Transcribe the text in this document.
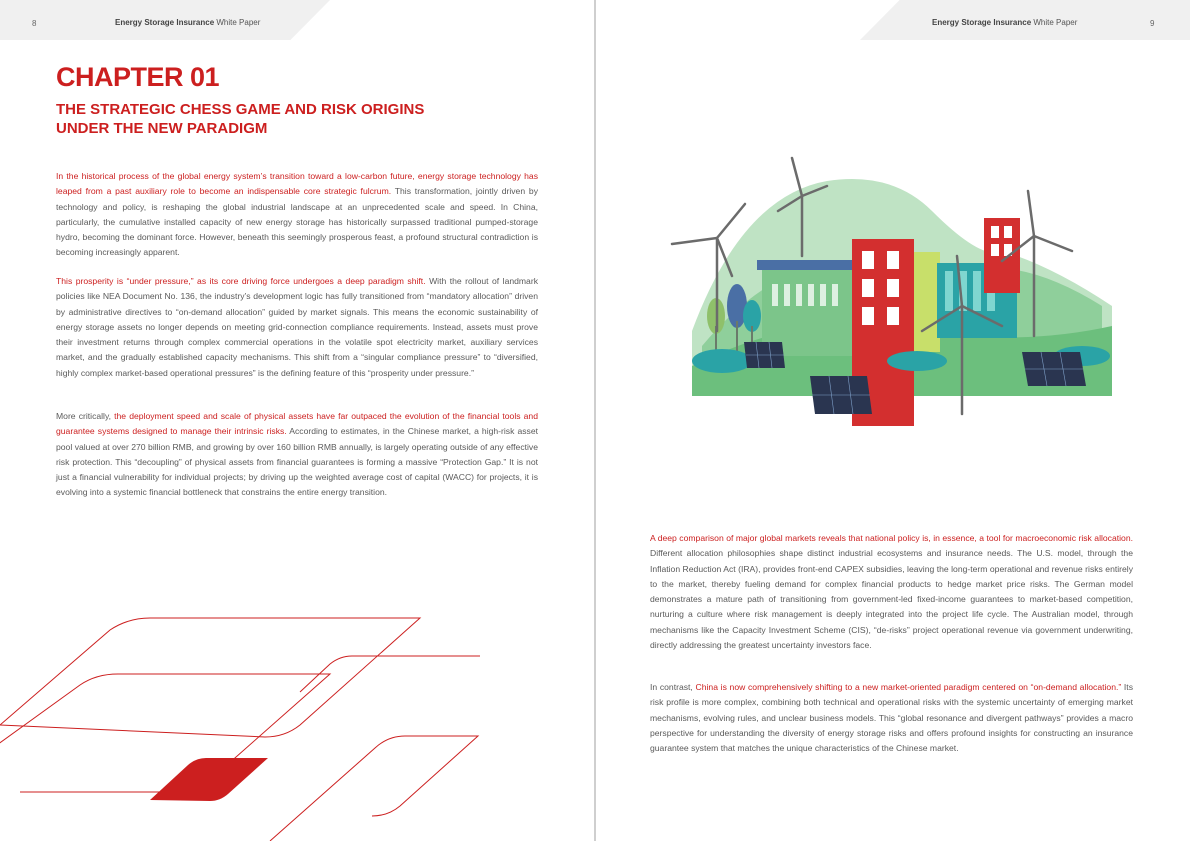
8	Energy Storage Insurance White Paper
CHAPTER 01
THE STRATEGIC CHESS GAME AND RISK ORIGINS
UNDER THE NEW PARADIGM

In the historical process of the global energy system’s transition toward a low-carbon future, energy storage technology has leaped from a past auxiliary role to become an indispensable core strategic fulcrum. This transformation, jointly driven by technology and policy, is reshaping the global industrial landscape at an unprecedented scale and speed. In China, particularly, the cumulative installed capacity of new energy storage has historically surpassed traditional pumped-storage hydro, becoming the dominant force. However, beneath this seemingly prosperous feast, a profound structural contradiction is becoming increasingly apparent.

This prosperity is “under pressure,” as its core driving force undergoes a deep paradigm shift. With the rollout of landmark policies like NEA Document No. 136, the industry’s development logic has fully transitioned from “mandatory allocation” driven by administrative directives to “on-demand allocation” guided by market signals. This means the economic sustainability of energy storage assets no longer depends on meeting grid-connection compliance requirements. Instead, assets must prove their investment returns through complex commercial operations in the volatile spot electricity market, auxiliary services market, and the gradually established capacity mechanisms. This shift from a “singular compliance pressure” to “diversified, highly complex market-based operational pressures” is the defining feature of this “prosperity under pressure.”

More critically, the deployment speed and scale of physical assets have far outpaced the evolution of the financial tools and guarantee systems designed to manage their intrinsic risks. According to estimates, in the Chinese market, a high-risk asset pool valued at over 270 billion RMB, and growing by over 160 billion RMB annually, is largely operating outside of any effective risk protection. This “decoupling” of physical assets from financial guarantees is forming a massive “Protection Gap.” It is not just a financial vulnerability for individual projects; by driving up the weighted average cost of capital (WACC) for projects, it is evolving into a systemic financial bottleneck that constrains the entire energy transition.

Energy Storage Insurance White Paper	9

A deep comparison of major global markets reveals that national policy is, in essence, a tool for macroeconomic risk allocation. Different allocation philosophies shape distinct industrial ecosystems and insurance needs. The U.S. model, through the Inflation Reduction Act (IRA), provides front-end CAPEX subsidies, leaving the long-term operational and revenue risks entirely to the market, thereby fueling demand for complex financial products to hedge market price risks. The German model demonstrates a mature path of transitioning from government-led fixed-income guarantees to market-based competition, nurturing a culture where risk management is deeply integrated into the project life cycle. The Australian model, through mechanisms like the Capacity Investment Scheme (CIS), “de-risks” project operational revenue via government underwriting, directly addressing the greatest uncertainty investors face.

In contrast, China is now comprehensively shifting to a new market-oriented paradigm centered on “on-demand allocation.” Its risk profile is more complex, combining both technical and operational risks with the systemic uncertainty of emerging market mechanisms, evolving rules, and unclear business models. This “global resonance and divergent pathways” provides a macro perspective for understanding the diversity of energy storage risks and offers profound insights for constructing an insurance guarantee system that matches the unique characteristics of the Chinese market.
